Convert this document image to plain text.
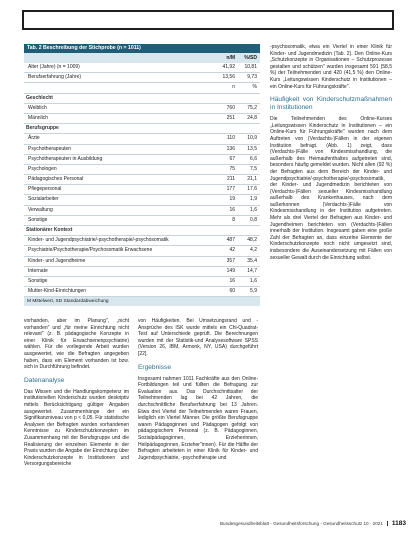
Tab. 2 Beschreibung der Stichprobe (n = 1011)
n/M	%/SD
Alter (Jahre) (n = 1009)	41,92	10,81
Berufserfahrung (Jahre)	13,56	9,73
n	%
Geschlecht
Weiblich	760	75,2
Männlich	251	24,8
Berufsgruppe
Ärzte	110	10,9
Psychotherapeuten	136	13,5
Psychotherapeuten in Ausbildung	67	6,6
Psychologen	75	7,5
Pädagogisches Personal	211	21,1
Pflegepersonal	177	17,6
Sozialarbeiter	19	1,9
Verwaltung	16	1,6
Sonstige	8	0,8
Stationärer Kontext
Kinder- und Jugendpsychiatrie/-psychotherapie/-psychosomatik	487	48,2
Psychiatrie/Psychotherapie/Psychosomatik Erwachsene	42	4,2
Kinder- und Jugendheime	357	35,4
Internate	149	14,7
Sonstige	16	1,6
Mutter-Kind-Einrichtungen	60	5,9
M Mittelwert, SD Standardabweichung

vorhanden, aber im Planung", „nicht vorhanden" und „für meine Einrichtung nicht relevant" (z. B. pädagogische Konzepte in einer Klinik für Erwachsenenpsychiatrie) wählen. Für die vorliegende Arbeit wurden ausgewertet, wie die Befragten angegeben haben, dass ein Element vorhanden ist bzw. sich in Durchführung befindet.

Datenanalyse

Das Wissen und die Handlungskompetenz im institutionellen Kinderschutz wurden deskriptiv mittels Berücksichtigung gültiger Angaben ausgewertet. Zusammenhänge der ein Signifikanzniveau von p < 0,05. Für statistische Analysen der Befragten wurden vorhandenen Kenntnisse zu Kinderschutzkonzepten im Zusammenhang mit der Berufsgruppe und die Realisierung der einzelnen Elemente in der Praxis wurden die Angabe der Einrichtung über Kinderschutzkonzepte in Institutionen und Versorgungsbereiche

von Häufigkeiten. Bei Umsetzungsrand und -Ansprüche des ISK wurde mittels ein Chi-Quadrat-Test auf Unterschiede geprüft. Die Berechnungen wurden mit der Statistik-und Analysesoftware SPSS (Version 26, IBM, Armonk, NY, USA) durchgeführt [22].

Ergebnisse

Insgesamt nahmen 1011 Fachkräfte aus den Online-Fortbildungen teil und füllten die Befragung zur Evaluation aus. Das Durchschnittsalter der Teilnehmenden lag bei 42 Jahren, die durchschnittliche Berufserfahrung bei 13 Jahren. Etwa drei Viertel der Teilnehmenden waren Frauen, lediglich ein Viertel Männer. Die größte Berufsgruppe waren Pädagoginnen und Pädagogen gefolgt von pädagogischem Personal (z. B. Pädagoginnen, Sozialpädagoginnen, Erzieherinnen, Heilpädagoginnen, Erzieher"innen). Für die Hälfte der Befragten arbeiteten in einer Klinik für Kinder- und Jugendpsychiatrie, -psychotherapie und

-psychosomatik, etwa ein Viertel in einer Klinik für Kinder- und Jugendmedizin (Tab. 2). Den Online-Kurs „Schutzkonzepte in Organisationen – Schutzprozesse gestalten und schützen" wurden insgesamt 591 (58,5 %) der Teilnehmenden und 420 (41,5 %) den Online-Kurs „Leitungswissen Kinderschutz in Institutionen – ein Online-Kurs für Führungskräfte".

Häufigkeit von Kinderschutzmaßnahmen in Institutionen

Die Teilnehmenden des Online-Kurses „Leitungswissen Kinderschutz in Institutionen – ein Online-Kurs für Führungskräfte" wurden nach dem Auftreten von (Verdachts-)Fällen in der eigenen Institution befragt. (Abb. 1) zeigt, dass (Verdachts-)Fälle von Kindesmisshandlung, die außerhalb des Heimaufenthaltes aufgetreten sind, besonders häufig gemeldet wurden. Nicht allen (92 %) der Befragten aus dem Bereich der Kinder- und Jugendpsychiatrie/-psychotherapie/-psychosomatik, der Kinder- und Jugendmedizin berichteten von (Verdachts-)Fällen sexueller Kindesmisshandlung außerhalb des Krankenhauses, nach dem außerkonnen (Verdachts-)Fälle von Kindesmisshandlung in der Institution aufgetreten. Mehr als drei Viertel der Befragten aus Kinder- und Jugendheimen berichteten von (Verdachts-)Fällen innerhalb der Institution. Insgesamt gaben eine große Zahl der Befragten an, dass einzelne Elemente der Kinderschutzkonzepte noch nicht umgesetzt sind, insbesondere die Auseinandersetzung mit Fällen von sexueller Gewalt durch die Einrichtung selbst.

Bundesgesundheitsblatt - Gesundheitsforschung - Gesundheitsschutz 10 · 2021	1183
